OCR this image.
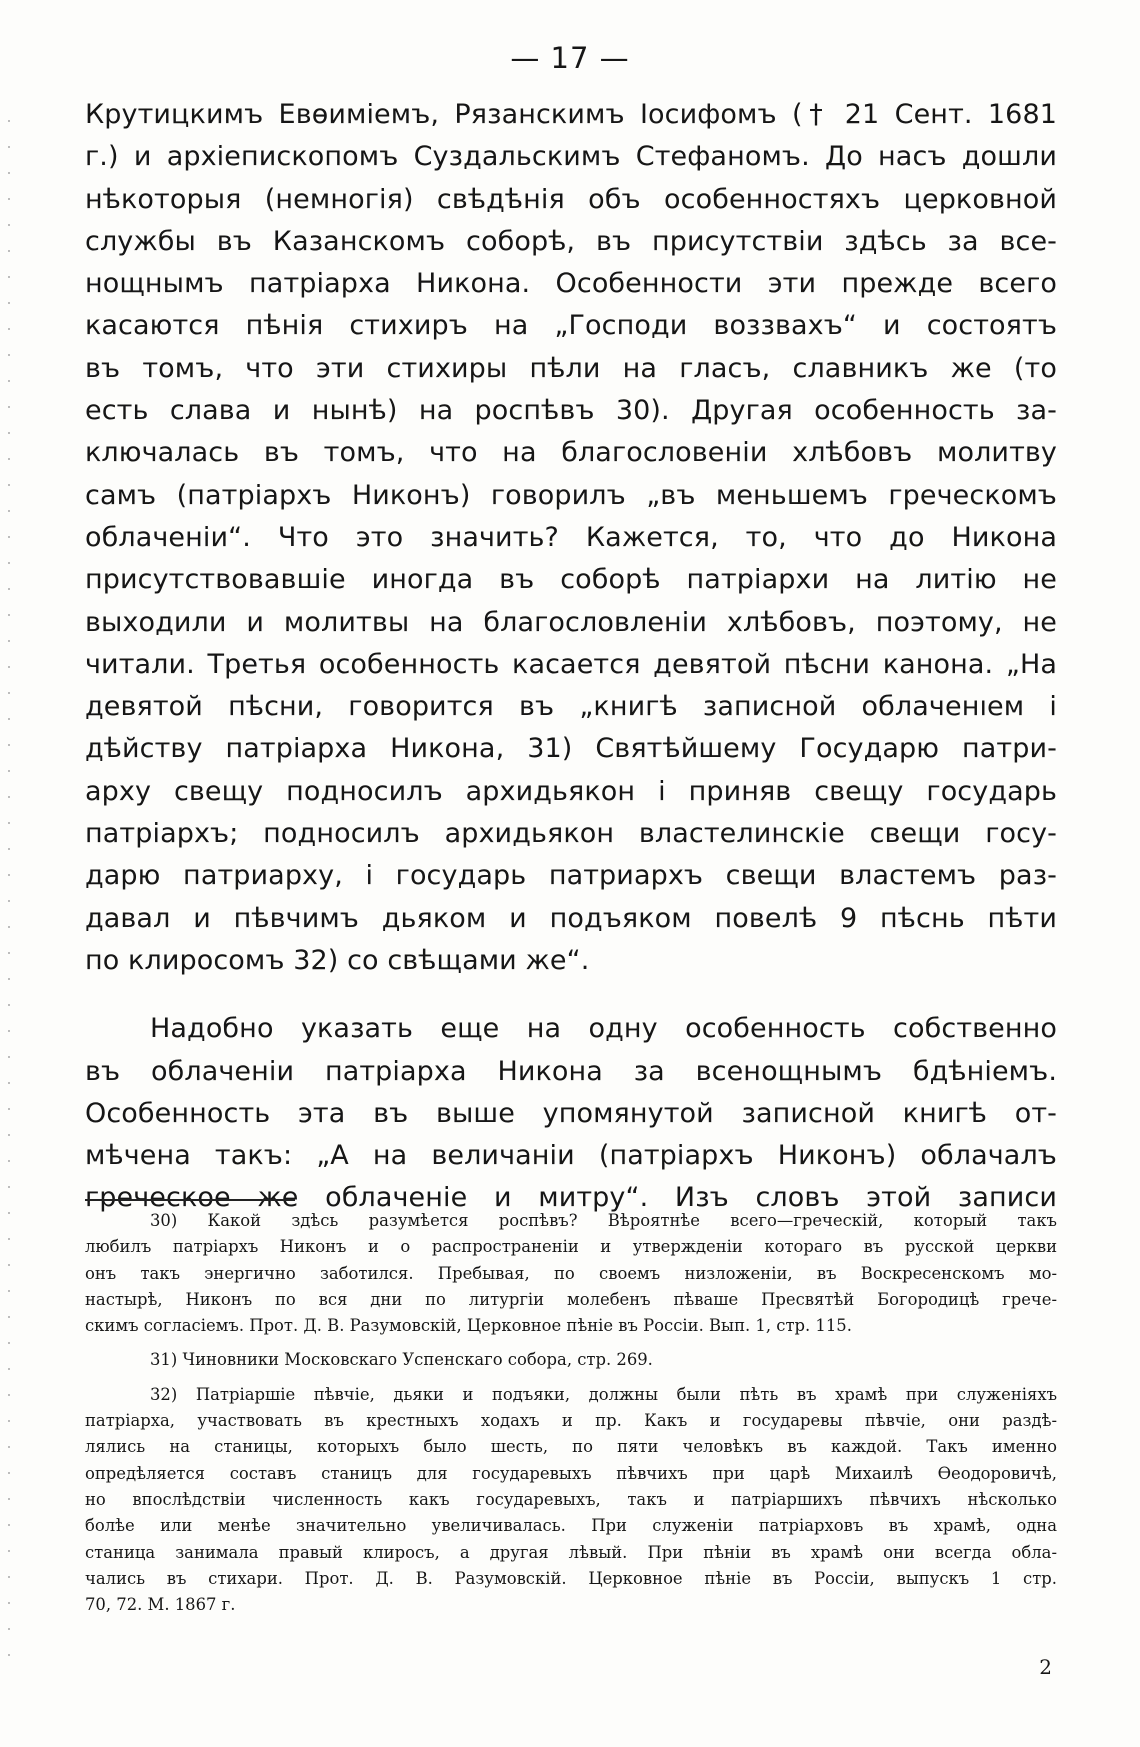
— 17 —
Крутицкимъ Евѳиміемъ, Рязанскимъ Іосифомъ († 21 Сент. 1681
г.) и архіепископомъ Суздальскимъ Стефаномъ. До насъ дошли
нѣкоторыя (немногія) свѣдѣнія объ особенностяхъ церковной
службы въ Казанскомъ соборѣ, въ присутствіи здѣсь за все-
нощнымъ патріарха Никона. Особенности эти прежде всего
касаются пѣнія стихиръ на „Господи воззвахъ“ и состоятъ
въ томъ, что эти стихиры пѣли на гласъ, славникъ же (то
есть слава и нынѣ) на роспѣвъ 30). Другая особенность за-
ключалась въ томъ, что на благословеніи хлѣбовъ молитву
самъ (патріархъ Никонъ) говорилъ „въ меньшемъ греческомъ
облаченіи“. Что это значить? Кажется, то, что до Никона
присутствовавшіе иногда въ соборѣ патріархи на литію не
выходили и молитвы на благословленіи хлѣбовъ, поэтому, не
читали. Третья особенность касается девятой пѣсни канона. „На
девятой пѣсни, говорится въ „книгѣ записной облаченıем і
дѣйству патріарха Никона, 31) Святѣйшему Государю патри-
арху свещу подносилъ архидьякон і приняв свещу государь
патріархъ; подносилъ архидьякон властелинскіе свещи госу-
дарю патриарху, і государь патриархъ свещи властемъ раз-
давал и пѣвчимъ дьяком и подъяком повелѣ 9 пѣснь пѣти
по клиросомъ 32) со свѣщами же“.
Надобно указать еще на одну особенность собственно
въ облаченіи патріарха Никона за всенощнымъ бдѣніемъ.
Особенность эта въ выше упомянутой записной книгѣ от-
мѣчена такъ: „А на величаніи (патріархъ Никонъ) облачалъ
греческое же облаченіе и митру“. Изъ словъ этой записи
30) Какой здѣсь разумѣется роспѣвъ? Вѣроятнѣе всего—греческій, который такъ
любилъ патріархъ Никонъ и о распространеніи и утвержденіи котораго въ русской церкви
онъ такъ энергично заботился. Пребывая, по своемъ низложеніи, въ Воскресенскомъ мо-
настырѣ, Никонъ по вся дни по литургіи молебенъ пѣваше Пресвятѣй Богородицѣ грече-
скимъ согласіемъ. Прот. Д. В. Разумовскій, Церковное пѣніе въ Россіи. Вып. 1, стр. 115.
31) Чиновники Московскаго Успенскаго собора, стр. 269.
32) Патріаршіе пѣвчіе, дьяки и подъяки, должны были пѣть въ храмѣ при служеніяхъ
патріарха, участвовать въ крестныхъ ходахъ и пр. Какъ и государевы пѣвчіе, они раздѣ-
лялись на станицы, которыхъ было шесть, по пяти человѣкъ въ каждой. Такъ именно
опредѣляется составъ станицъ для государевыхъ пѣвчихъ при царѣ Михаилѣ Ѳеодоровичѣ,
но впослѣдствіи численность какъ государевыхъ, такъ и патріаршихъ пѣвчихъ нѣсколько
болѣе или менѣе значительно увеличивалась. При служеніи патріарховъ въ храмѣ, одна
станица занимала правый клиросъ, а другая лѣвый. При пѣніи въ храмѣ они всегда обла-
чались въ стихари. Прот. Д. В. Разумовскій. Церковное пѣніе въ Россіи, выпускъ 1 стр.
70, 72. М. 1867 г.
2
